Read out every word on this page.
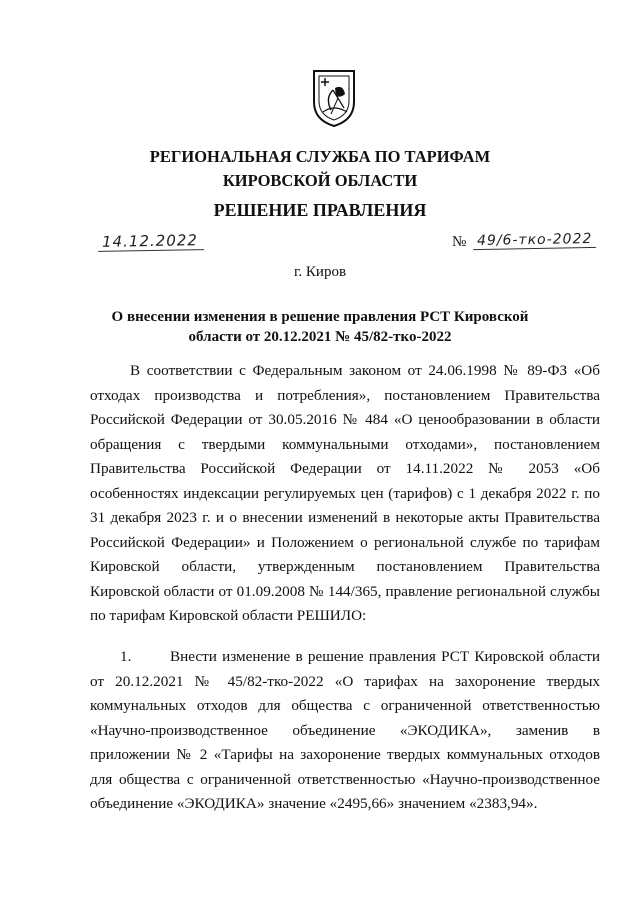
РЕГИОНАЛЬНАЯ СЛУЖБА ПО ТАРИФАМ
КИРОВСКОЙ ОБЛАСТИ
РЕШЕНИЕ ПРАВЛЕНИЯ
14.12.2022	№ 49/6-тко-2022
г. Киров
О внесении изменения в решение правления РСТ Кировской
области от 20.12.2021 № 45/82-тко-2022
В соответствии с Федеральным законом от 24.06.1998 № 89-ФЗ «Об отходах производства и потребления», постановлением Правительства Российской Федерации от 30.05.2016 № 484 «О ценообразовании в области обращения с твердыми коммунальными отходами», постановлением Правительства Российской Федерации от 14.11.2022 № 2053 «Об особенностях индексации регулируемых цен (тарифов) с 1 декабря 2022 г. по 31 декабря 2023 г. и о внесении изменений в некоторые акты Правительства Российской Федерации» и Положением о региональной службе по тарифам Кировской области, утвержденным постановлением Правительства Кировской области от 01.09.2008 № 144/365, правление региональной службы по тарифам Кировской области РЕШИЛО:
1.	Внести изменение в решение правления РСТ Кировской области от 20.12.2021 № 45/82-тко-2022 «О тарифах на захоронение твердых коммунальных отходов для общества с ограниченной ответственностью «Научно-производственное объединение «ЭКОДИКА», заменив в приложении № 2 «Тарифы на захоронение твердых коммунальных отходов для общества с ограниченной ответственностью «Научно-производственное объединение «ЭКОДИКА» значение «2495,66» значением «2383,94».
